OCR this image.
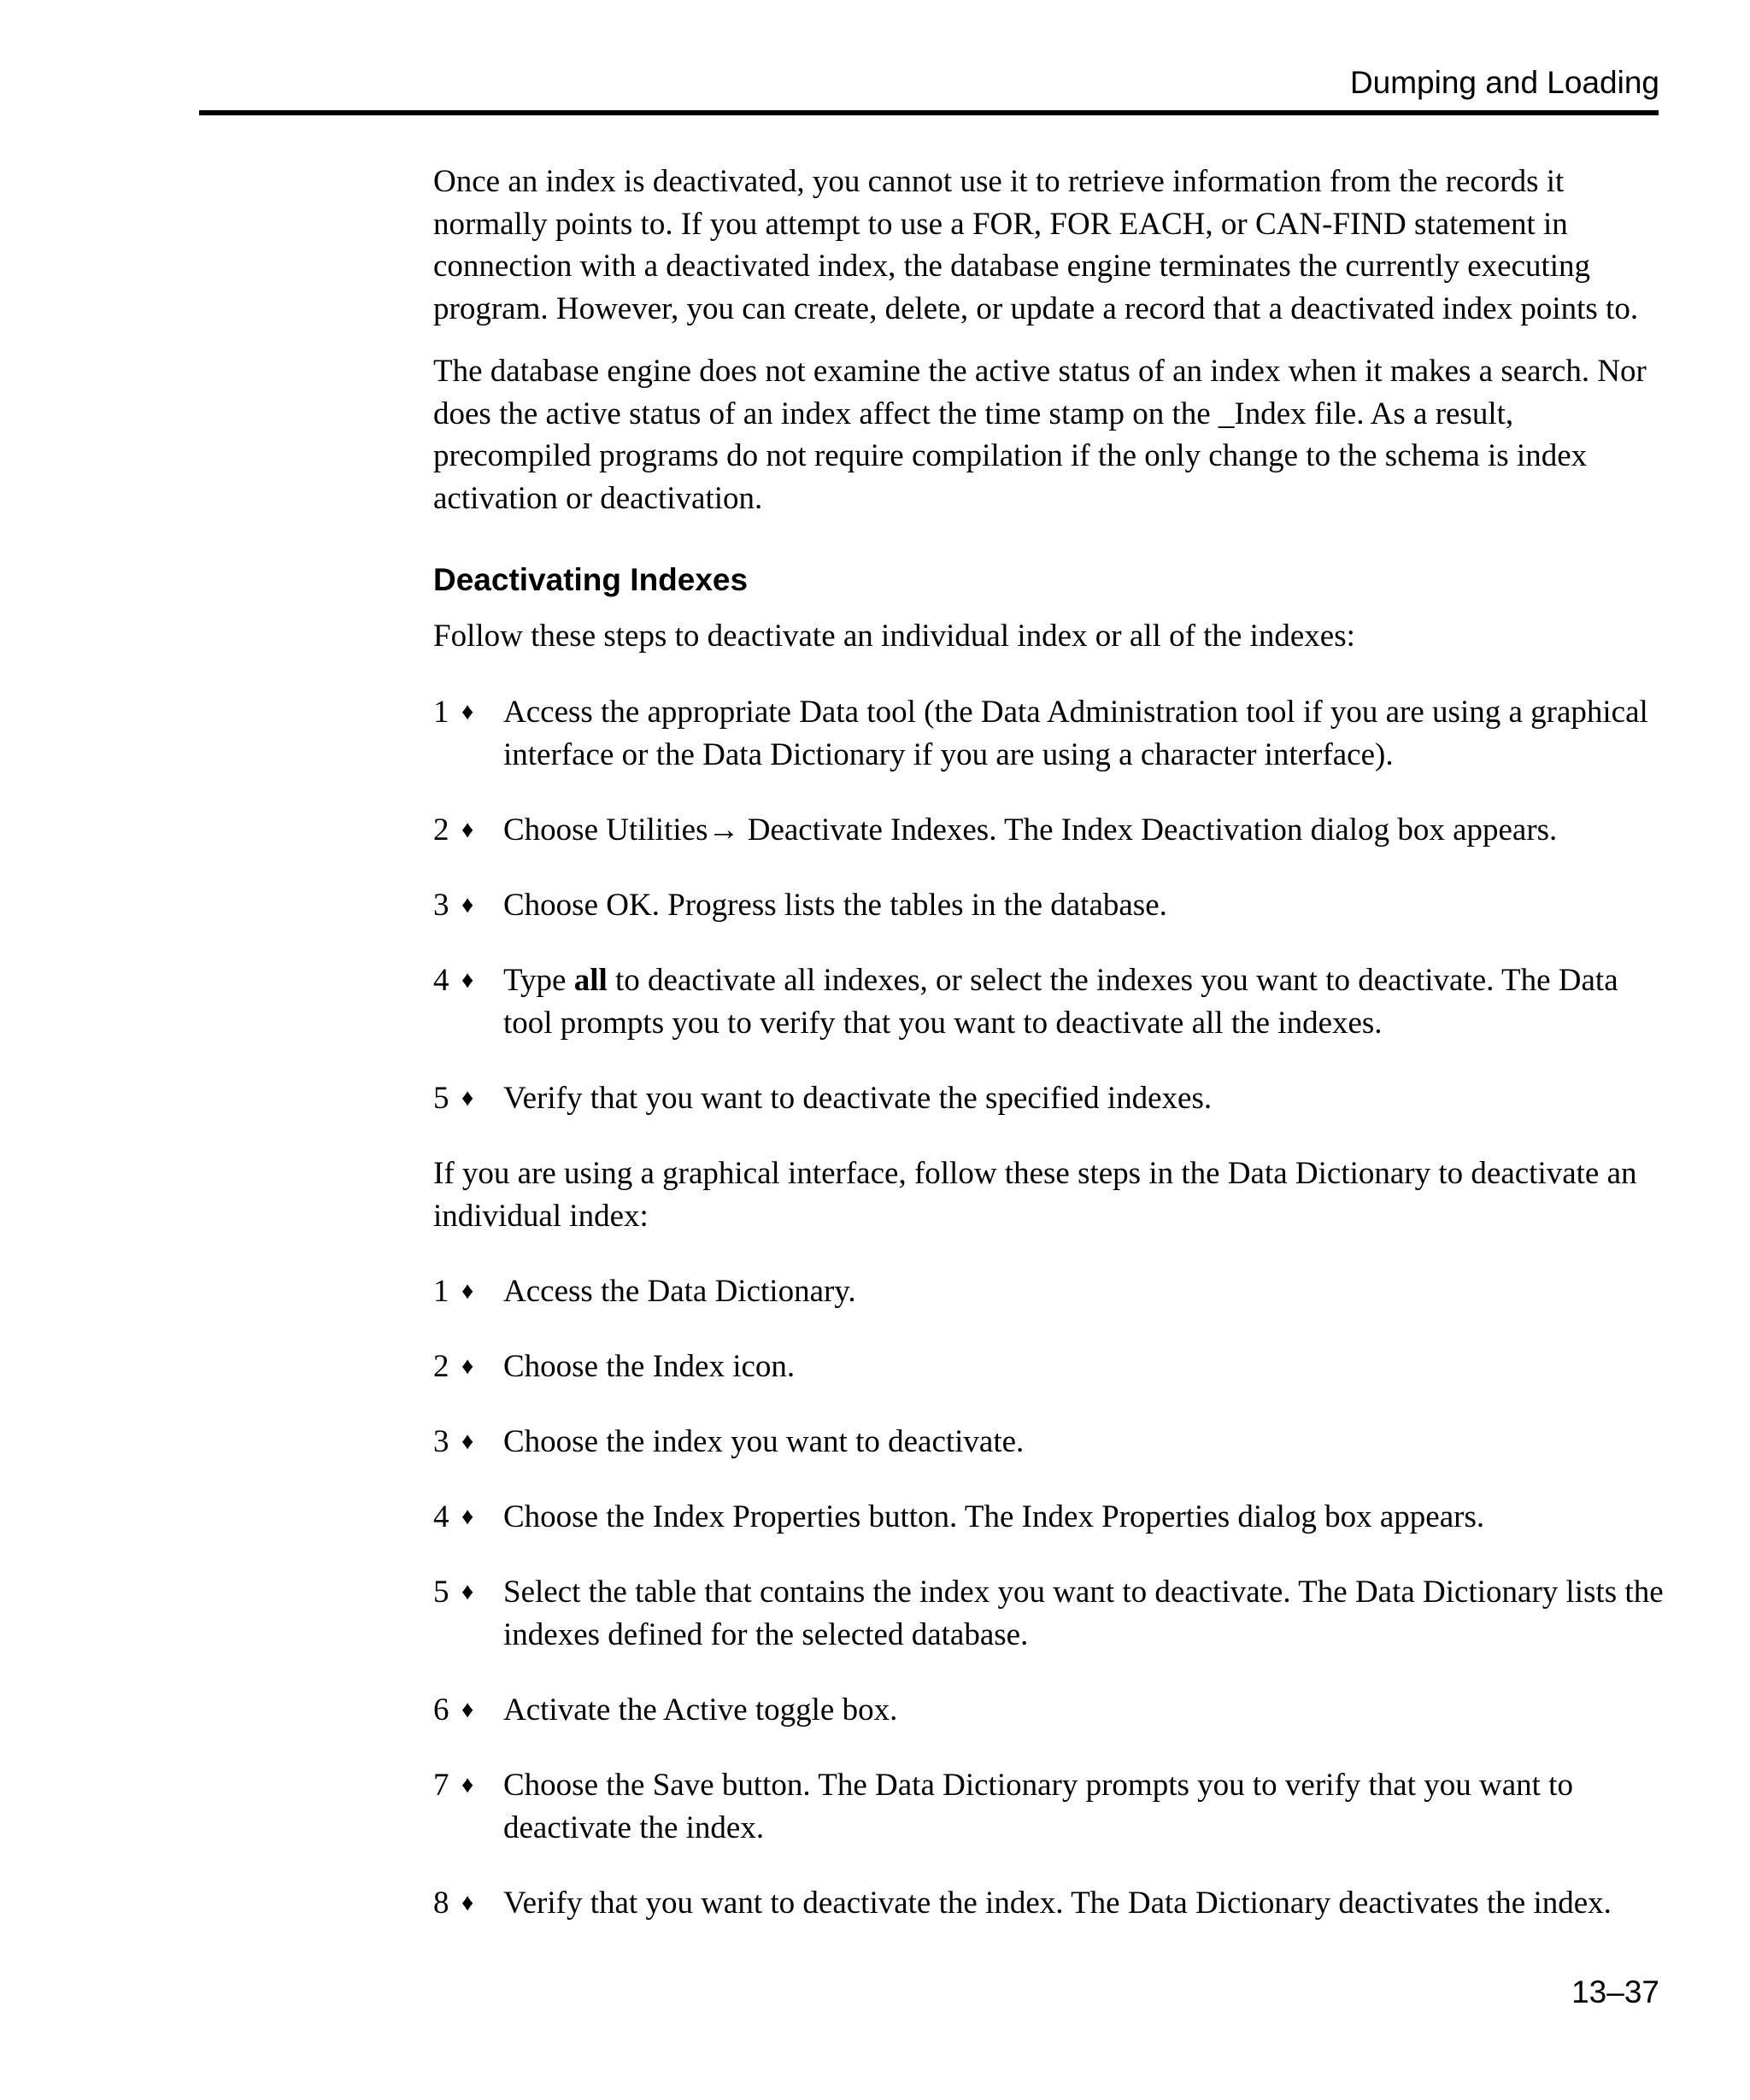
Dumping and Loading

Once an index is deactivated, you cannot use it to retrieve information from the records it normally points to. If you attempt to use a FOR, FOR EACH, or CAN-FIND statement in connection with a deactivated index, the database engine terminates the currently executing program. However, you can create, delete, or update a record that a deactivated index points to.

The database engine does not examine the active status of an index when it makes a search. Nor does the active status of an index affect the time stamp on the _Index file. As a result, precompiled programs do not require compilation if the only change to the schema is index activation or deactivation.

Deactivating Indexes

Follow these steps to deactivate an individual index or all of the indexes:

1 ♦ Access the appropriate Data tool (the Data Administration tool if you are using a graphical interface or the Data Dictionary if you are using a character interface).
2 ♦ Choose Utilities→ Deactivate Indexes. The Index Deactivation dialog box appears.
3 ♦ Choose OK. Progress lists the tables in the database.
4 ♦ Type all to deactivate all indexes, or select the indexes you want to deactivate. The Data tool prompts you to verify that you want to deactivate all the indexes.
5 ♦ Verify that you want to deactivate the specified indexes.

If you are using a graphical interface, follow these steps in the Data Dictionary to deactivate an individual index:

1 ♦ Access the Data Dictionary.
2 ♦ Choose the Index icon.
3 ♦ Choose the index you want to deactivate.
4 ♦ Choose the Index Properties button. The Index Properties dialog box appears.
5 ♦ Select the table that contains the index you want to deactivate. The Data Dictionary lists the indexes defined for the selected database.
6 ♦ Activate the Active toggle box.
7 ♦ Choose the Save button. The Data Dictionary prompts you to verify that you want to deactivate the index.
8 ♦ Verify that you want to deactivate the index. The Data Dictionary deactivates the index.
13–37
